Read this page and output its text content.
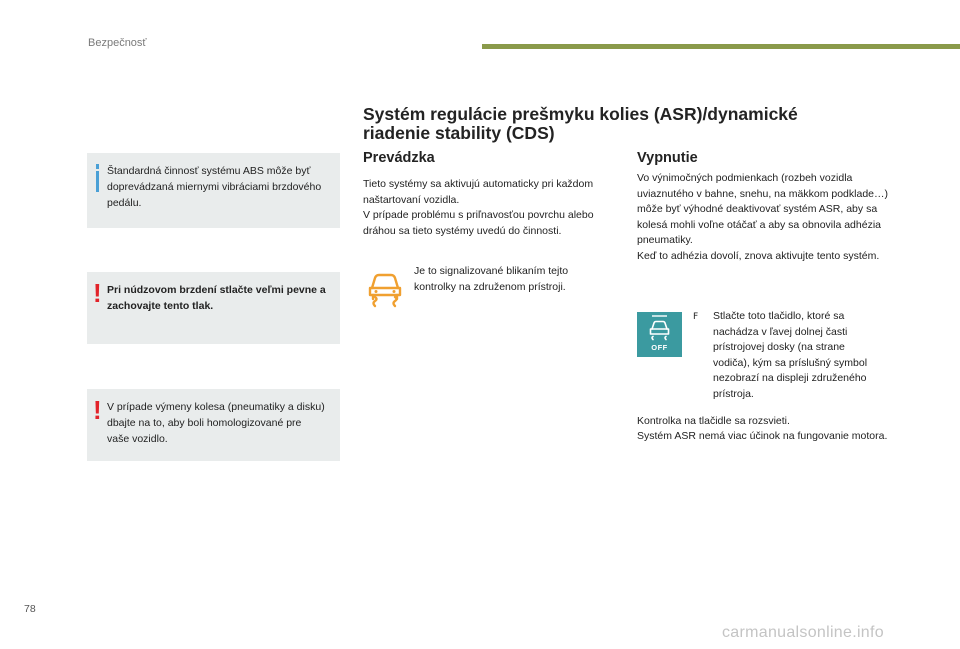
Bezpečnosť
Štandardná činnosť systému ABS môže byť doprevádzaná miernymi vibráciami brzdového pedálu.
! Pri núdzovom brzdení stlačte veľmi pevne a zachovajte tento tlak.
! V prípade výmeny kolesa (pneumatiky a disku) dbajte na to, aby boli homologizované pre vaše vozidlo.
Systém regulácie prešmyku kolies (ASR)/dynamické
riadenie stability (CDS)
Prevádzka
Tieto systémy sa aktivujú automaticky pri každom naštartovaní vozidla.
V prípade problému s priľnavosťou povrchu alebo dráhou sa tieto systémy uvedú do činnosti.
Je to signalizované blikaním tejto kontrolky na združenom prístroji.
Vypnutie
Vo výnimočných podmienkach (rozbeh vozidla uviaznutého v bahne, snehu, na mäkkom podklade…) môže byť výhodné deaktivovať systém ASR, aby sa kolesá mohli voľne otáčať a aby sa obnovila adhézia pneumatiky.
Keď to adhézia dovolí, znova aktivujte tento systém.
OFF
F Stlačte toto tlačidlo, ktoré sa nachádza v ľavej dolnej časti prístrojovej dosky (na strane vodiča), kým sa príslušný symbol nezobrazí na displeji združeného prístroja.
Kontrolka na tlačidle sa rozsvieti.
Systém ASR nemá viac účinok na fungovanie motora.
78
carmanualsonline.info
